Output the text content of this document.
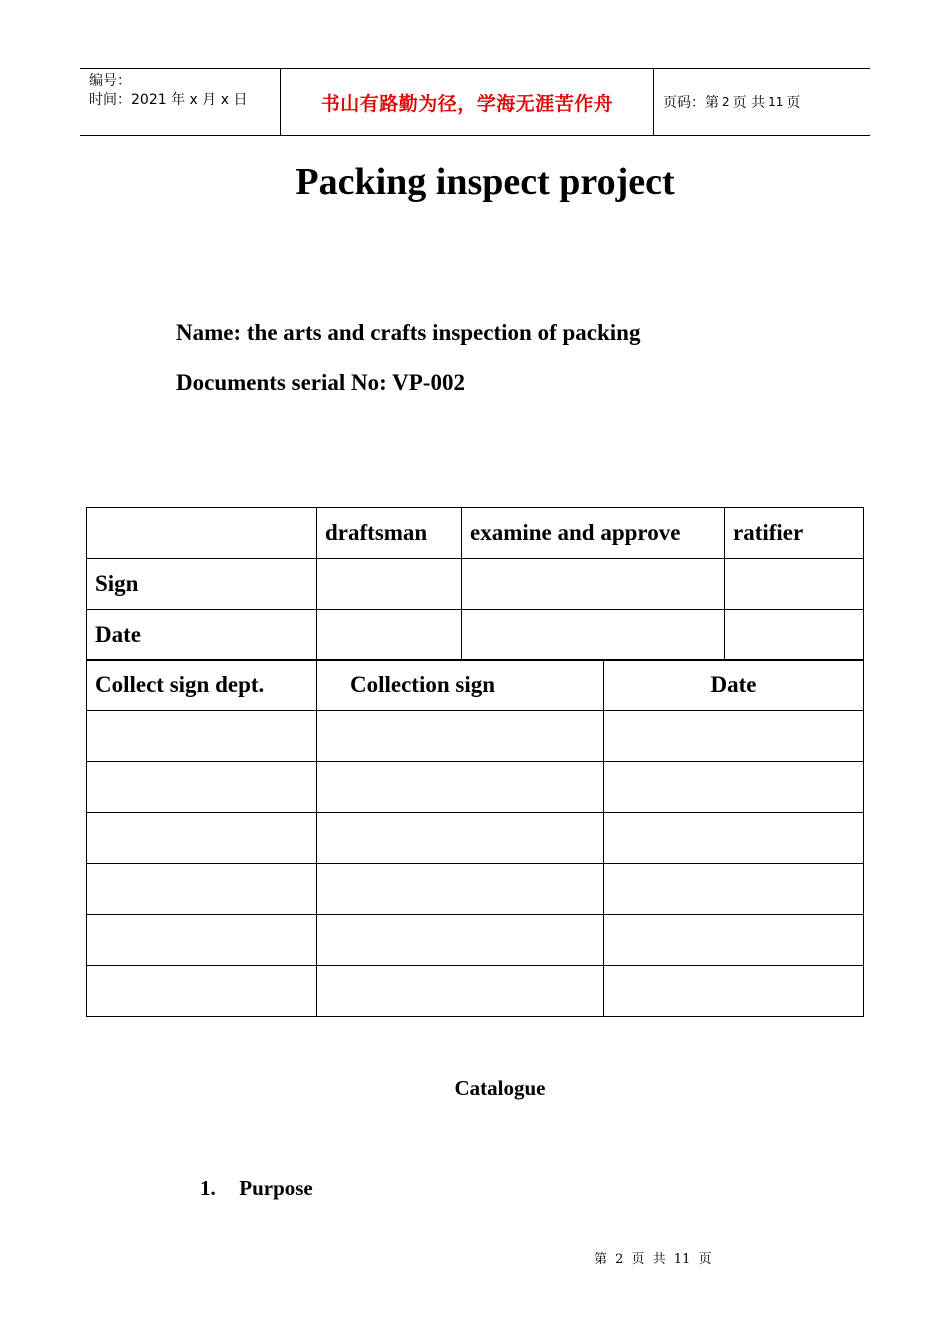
编号：
时间：2021 年 x 月 x 日	书山有路勤为径，学海无涯苦作舟	页码：第 2 页 共 11 页
Packing inspect project
Name: the arts and crafts inspection of packing
Documents serial No: VP-002
	draftsman	examine and approve	ratifier
Sign			
Date			
Collect sign dept.	Collection sign	Date

Catalogue
1. Purpose
第 2 页 共 11 页
